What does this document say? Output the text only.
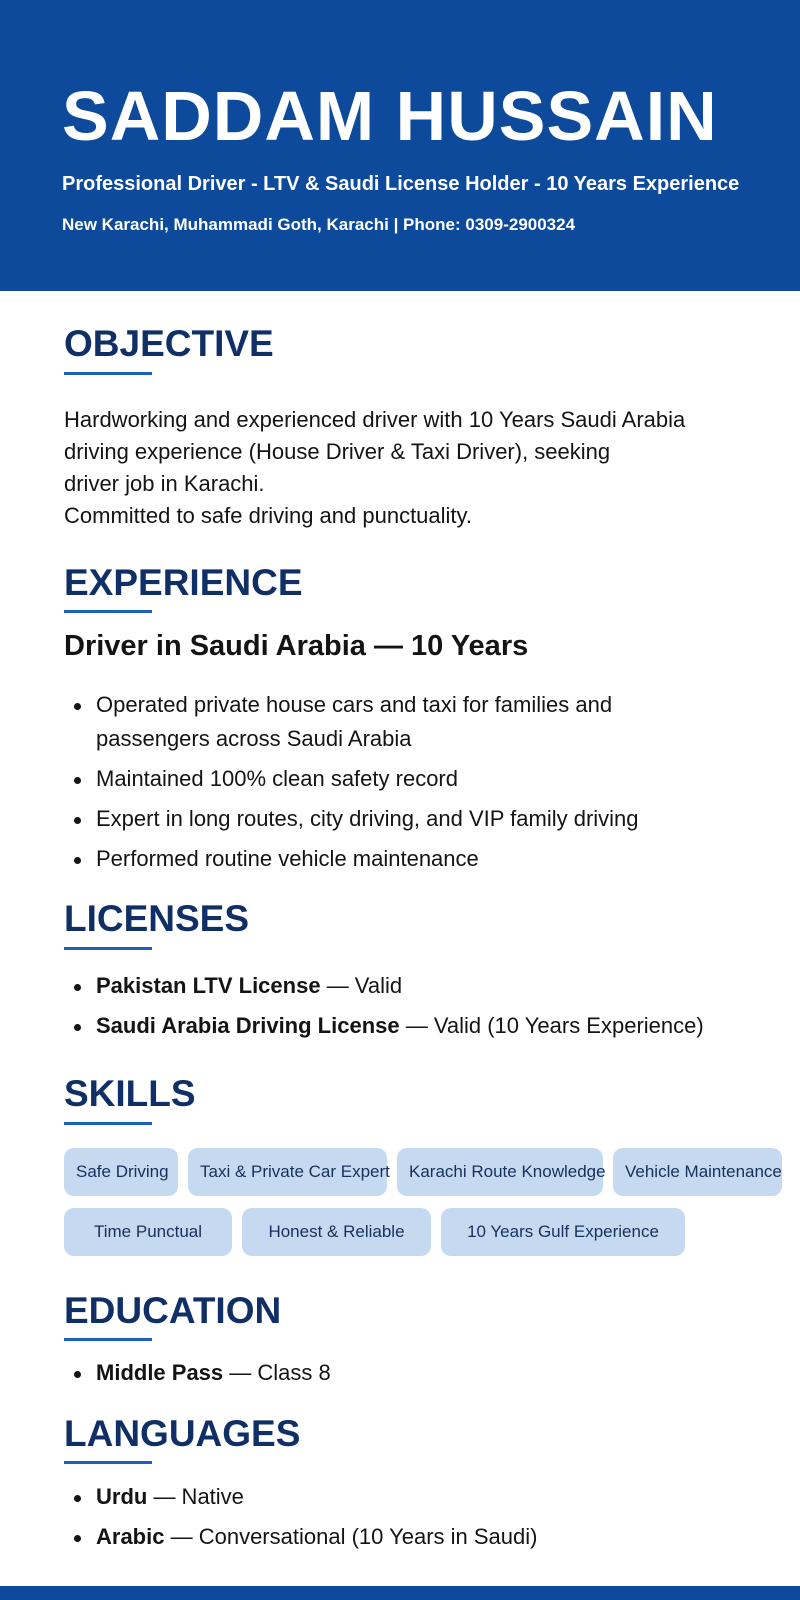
SADDAM HUSSAIN

Professional Driver - LTV & Saudi License Holder - 10 Years Experience

New Karachi, Muhammadi Goth, Karachi | Phone: 0309-2900324

OBJECTIVE
Hardworking and experienced driver with 10 Years Saudi Arabia
driving experience (House Driver & Taxi Driver), seeking
driver job in Karachi.
Committed to safe driving and punctuality.
EXPERIENCE
Driver in Saudi Arabia — 10 Years
Operated private house cars and taxi for families and
passengers across Saudi Arabia
Maintained 100% clean safety record
Expert in long routes, city driving, and VIP family driving
Performed routine vehicle maintenance
LICENSES
Pakistan LTV License — Valid
Saudi Arabia Driving License — Valid (10 Years Experience)
SKILLS
Safe Driving	Taxi & Private Car Expert	Karachi Route Knowledge	Vehicle Maintenance
Time Punctual	Honest & Reliable	10 Years Gulf Experience
EDUCATION
Middle Pass — Class 8
LANGUAGES
Urdu — Native
Arabic — Conversational (10 Years in Saudi)
